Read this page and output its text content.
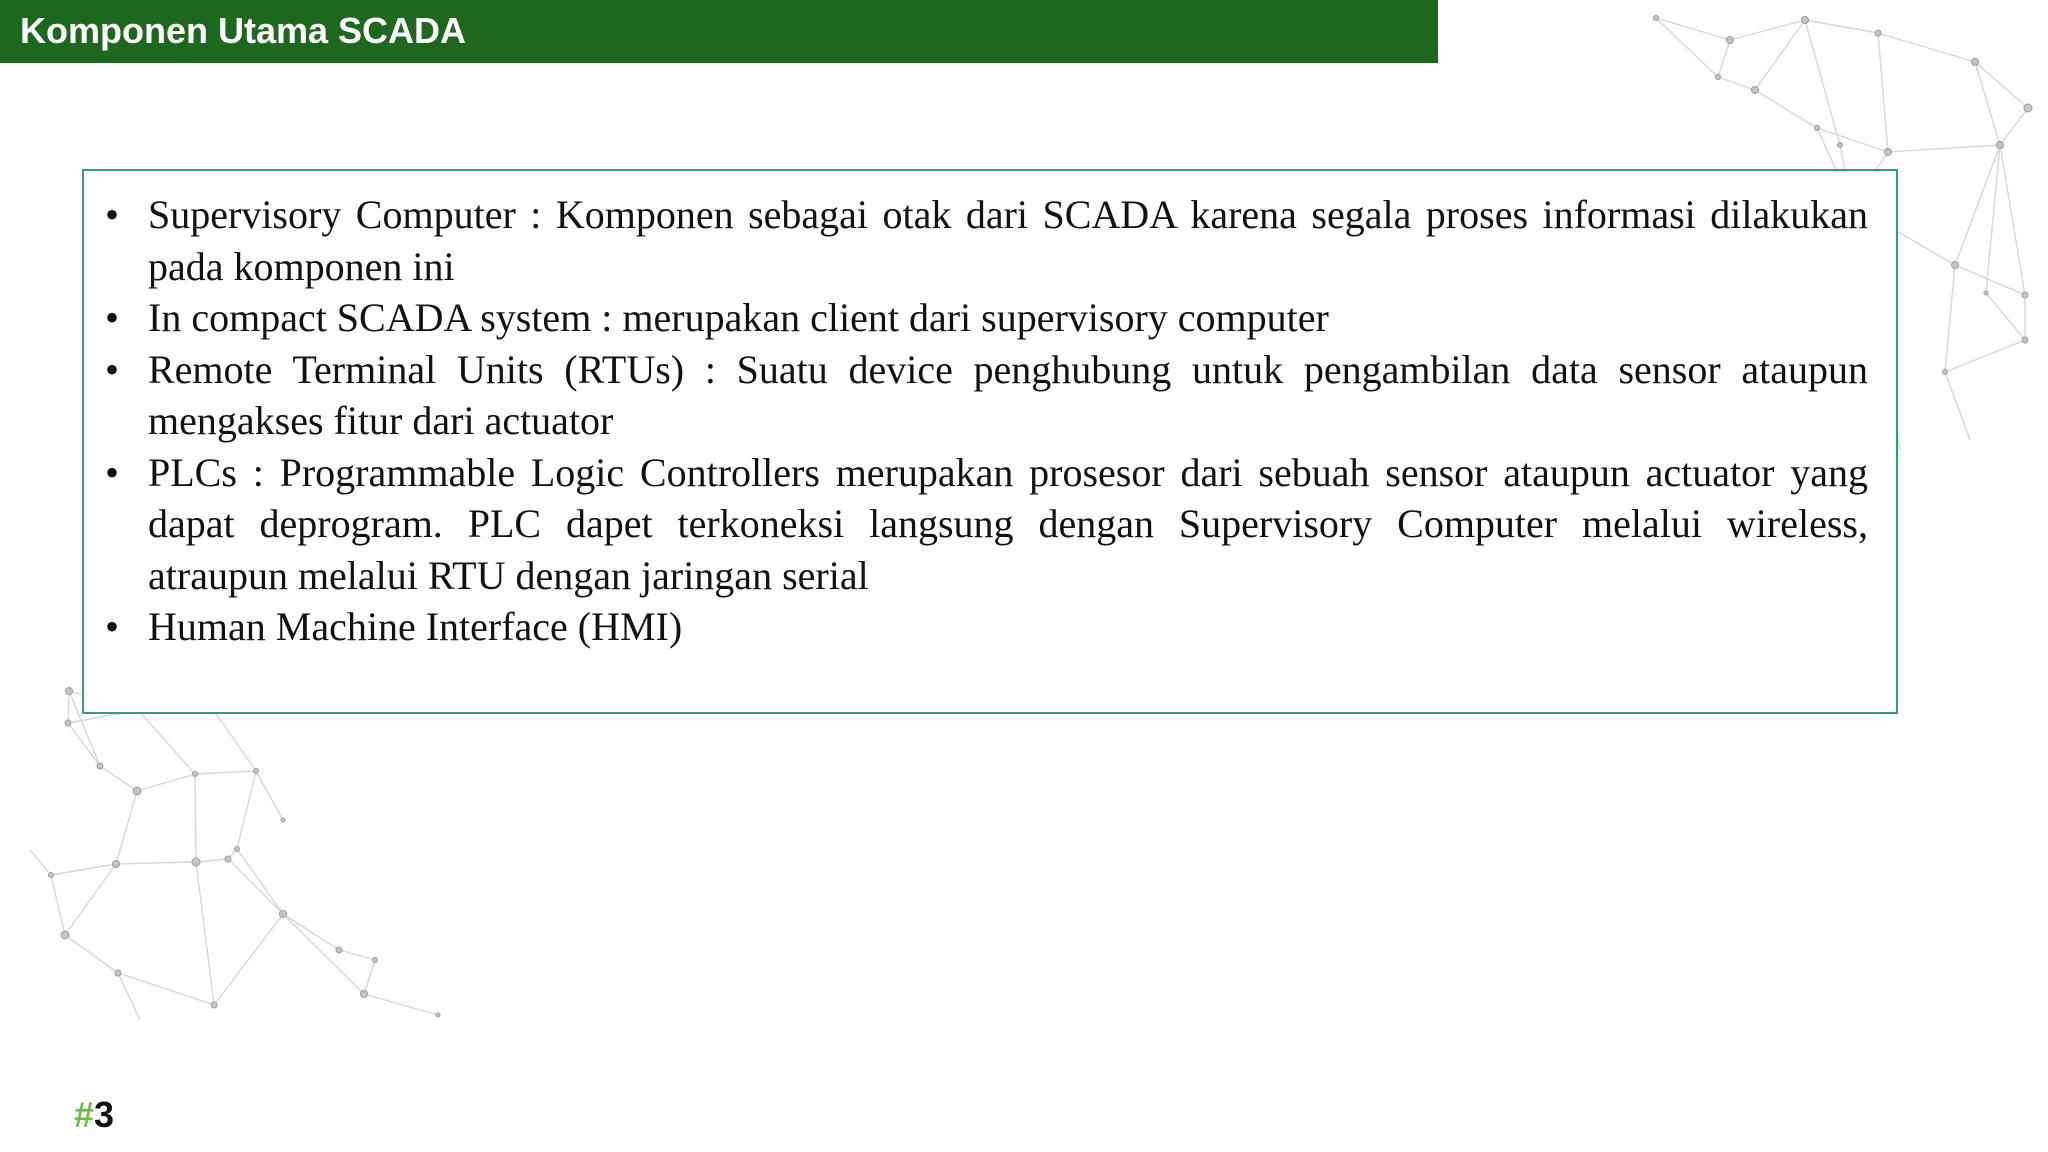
Komponen Utama SCADA
• Supervisory Computer : Komponen sebagai otak dari SCADA karena segala proses informasi dilakukan pada komponen ini
• In compact SCADA system : merupakan client dari supervisory computer
• Remote Terminal Units (RTUs) : Suatu device penghubung untuk pengambilan data sensor ataupun mengakses fitur dari actuator
• PLCs : Programmable Logic Controllers merupakan prosesor dari sebuah sensor ataupun actuator yang dapat deprogram. PLC dapet terkoneksi langsung dengan Supervisory Computer melalui wireless, atraupun melalui RTU dengan jaringan serial
• Human Machine Interface (HMI)
#3
